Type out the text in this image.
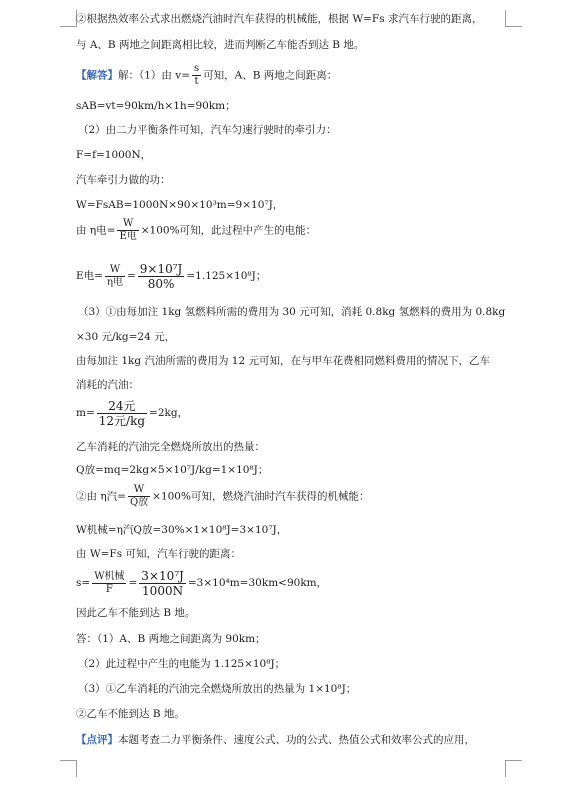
②根据热效率公式求出燃烧汽油时汽车获得的机械能，根据 W=Fs 求汽车行驶的距离，
与 A、B 两地之间距离相比较，进而判断乙车能否到达 B 地。
【解答】解：（1）由 $v= \frac{s}{t}$ 可知，A、B 两地之间距离：
sAB=vt=90km/h×1h=90km；
（2）由二力平衡条件可知，汽车匀速行驶时的牵引力：
F=f=1000N，
汽车牵引力做的功：
W=FsAB=1000N×90×10³m=9×10⁷J，
由 η电= $\frac{W}{\text{E电}} \times 100\%$可知，此过程中产生的电能：
E电= $\frac{W}{\text{η电}} = \frac{\text{9×10⁷J}}{80\%} =1.125\times 10^8J$；
（3）①由每加注 1kg 氢燃料所需的费用为 30 元可知，消耗 0.8kg 氢燃料的费用为 0.8kg
×30 元/kg=24 元，
由每加注 1kg 汽油所需的费用为 12 元可知，在与甲车花费相同燃料费用的情况下，乙车
消耗的汽油：
$m= \frac{\text{24元}}{\text{12元/kg}} =2kg$，
乙车消耗的汽油完全燃烧所放出的热量：
Q放=mq=2kg×5×10⁷J/kg=1×10⁸J；
②由 η汽= $\frac{W}{\text{Q放}} \times 100\%$可知，燃烧汽油时汽车获得的机械能：
W机械=η汽Q放=30%×1×10⁸J=3×10⁷J，
由 W=Fs 可知，汽车行驶的距离：
$s= \frac{\text{W机械}}{F} = \frac{\text{3×10⁷J}}{1000N} =3\times 10^4m=30km<90km$，
因此乙车不能到达 B 地。
答：（1）A、B 两地之间距离为 90km；
（2）此过程中产生的电能为 1.125×10⁸J；
（3）①乙车消耗的汽油完全燃烧所放出的热量为 1×10⁸J；
②乙车不能到达 B 地。
【点评】本题考查二力平衡条件、速度公式、功的公式、热值公式和效率公式的应用，
